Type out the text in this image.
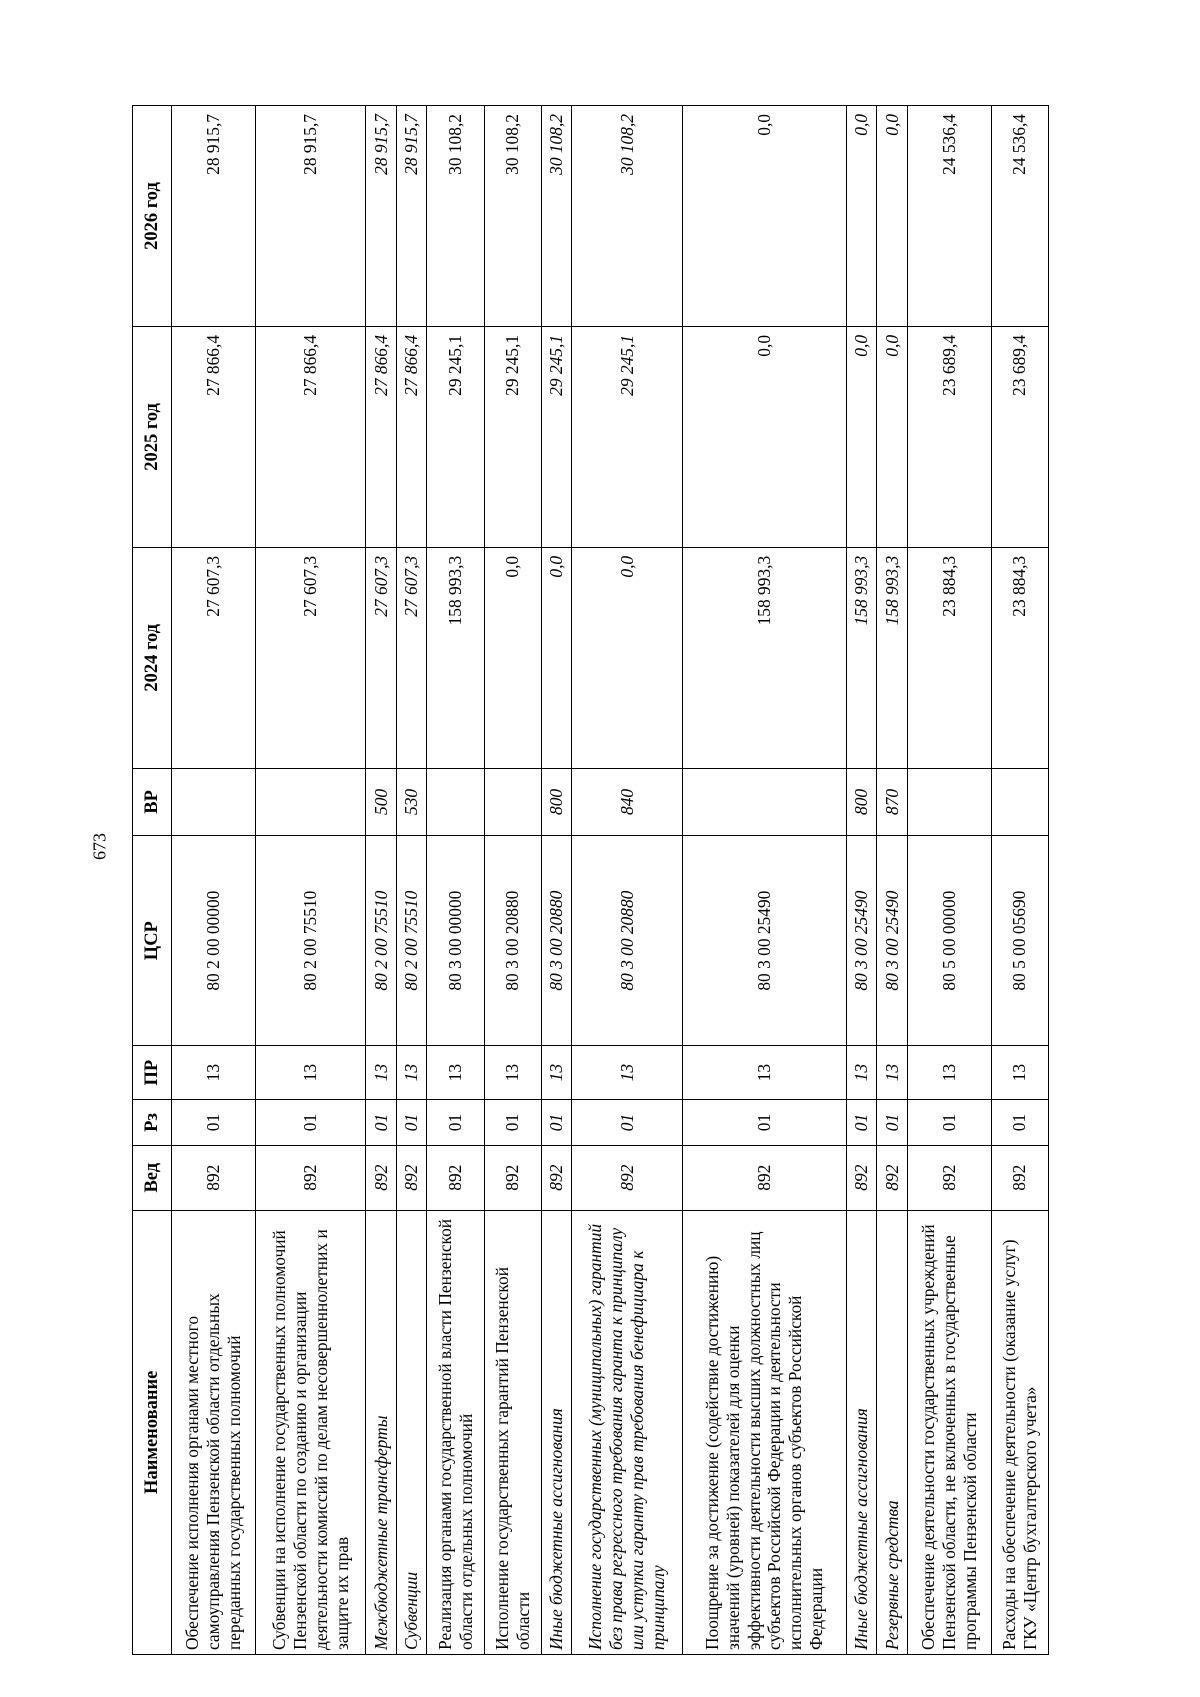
673
Наименование	Вед	Рз	ПР	ЦСР	ВР	2024 год	2025 год	2026 год
Обеспечение исполнения органами местного самоуправления Пензенской области отдельных переданных государственных полномочий	892	01	13	80 2 00 00000		27 607,3	27 866,4	28 915,7
Субвенции на исполнение государственных полномочий Пензенской области по созданию и организации деятельности комиссий по делам несовершеннолетних и защите их прав	892	01	13	80 2 00 75510		27 607,3	27 866,4	28 915,7
Межбюджетные трансферты	892	01	13	80 2 00 75510	500	27 607,3	27 866,4	28 915,7
Субвенции	892	01	13	80 2 00 75510	530	27 607,3	27 866,4	28 915,7
Реализация органами государственной власти Пензенской области отдельных полномочий	892	01	13	80 3 00 00000		158 993,3	29 245,1	30 108,2
Исполнение государственных гарантий Пензенской области	892	01	13	80 3 00 20880		0,0	29 245,1	30 108,2
Иные бюджетные ассигнования	892	01	13	80 3 00 20880	800	0,0	29 245,1	30 108,2
Исполнение государственных (муниципальных) гарантий без права регрессного требования гаранта к принципалу или уступки гаранту прав требования бенефициара к принципалу	892	01	13	80 3 00 20880	840	0,0	29 245,1	30 108,2
Поощрение за достижение (содействие достижению) значений (уровней) показателей для оценки эффективности деятельности высших должностных лиц субъектов Российской Федерации и деятельности исполнительных органов субъектов Российской Федерации	892	01	13	80 3 00 25490		158 993,3	0,0	0,0
Иные бюджетные ассигнования	892	01	13	80 3 00 25490	800	158 993,3	0,0	0,0
Резервные средства	892	01	13	80 3 00 25490	870	158 993,3	0,0	0,0
Обеспечение деятельности государственных учреждений Пензенской области, не включенных в государственные программы Пензенской области	892	01	13	80 5 00 00000		23 884,3	23 689,4	24 536,4
Расходы на обеспечение деятельности (оказание услуг) ГКУ «Центр бухгалтерского учета»	892	01	13	80 5 00 05690		23 884,3	23 689,4	24 536,4
